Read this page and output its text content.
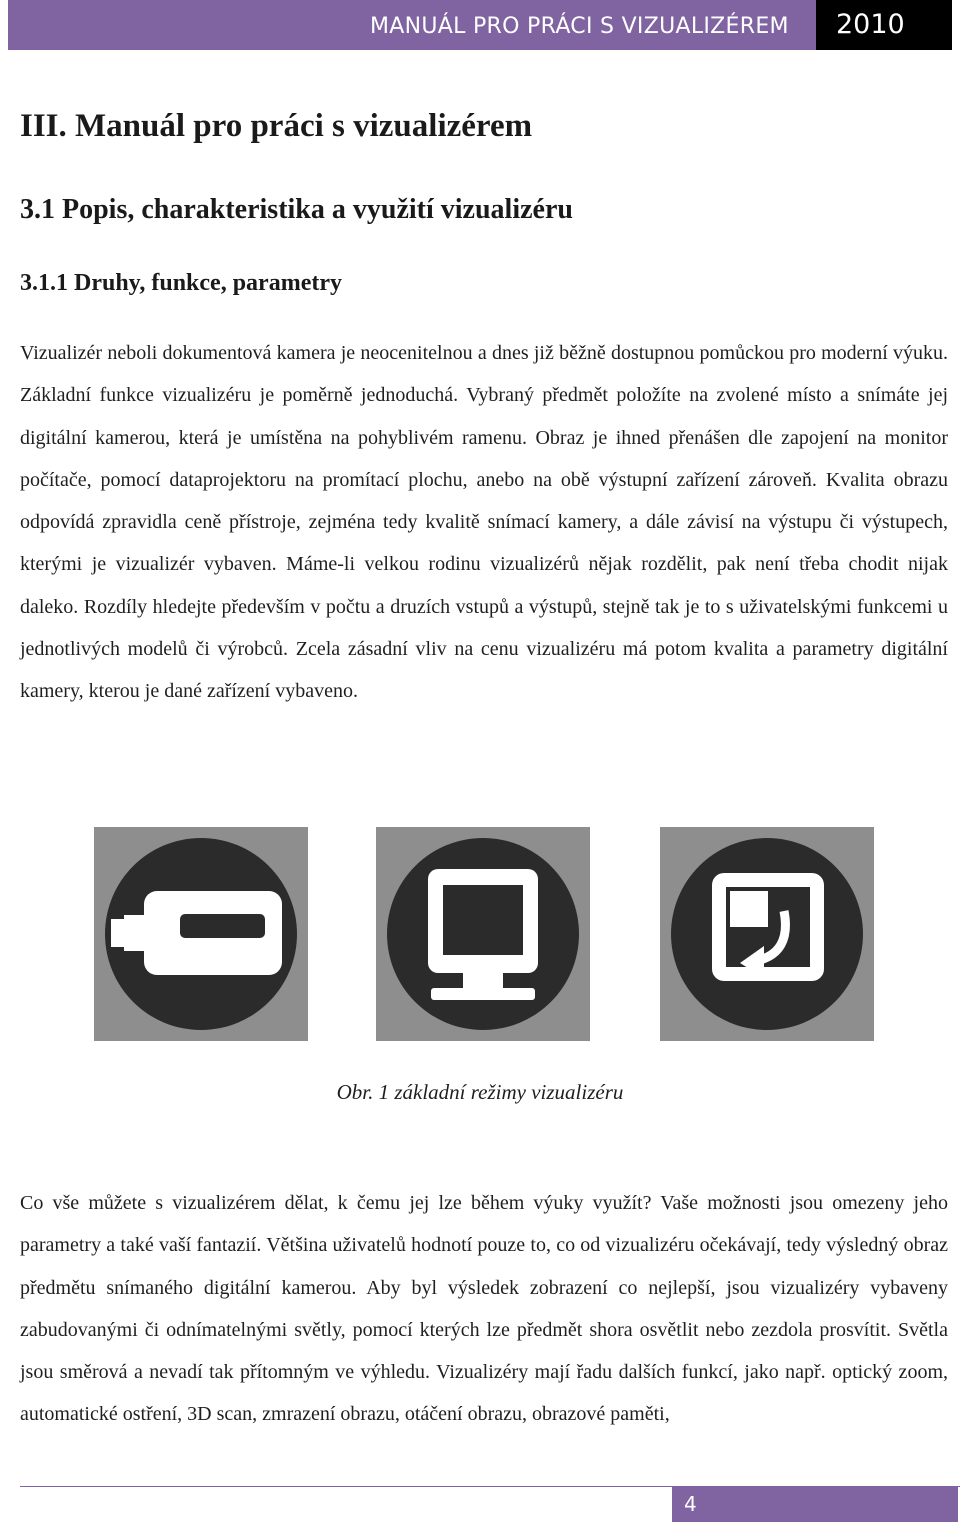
MANUÁL PRO PRÁCI S VIZUALIZÉREM	2010
III. Manuál pro práci s vizualizérem
3.1 Popis, charakteristika a využití vizualizéru
3.1.1 Druhy, funkce, parametry

Vizualizér neboli dokumentová kamera je neocenitelnou a dnes již běžně dostupnou pomůckou pro moderní výuku. Základní funkce vizualizéru je poměrně jednoduchá. Vybraný předmět položíte na zvolené místo a snímáte jej digitální kamerou, která je umístěna na pohyblivém ramenu. Obraz je ihned přenášen dle zapojení na monitor počítače, pomocí dataprojektoru na promítací plochu, anebo na obě výstupní zařízení zároveň. Kvalita obrazu odpovídá zpravidla ceně přístroje, zejména tedy kvalitě snímací kamery, a dále závisí na výstupu či výstupech, kterými je vizualizér vybaven. Máme-li velkou rodinu vizualizérů nějak rozdělit, pak není třeba chodit nijak daleko. Rozdíly hledejte především v počtu a druzích vstupů a výstupů, stejně tak je to s uživatelskými funkcemi u jednotlivých modelů či výrobců. Zcela zásadní vliv na cenu vizualizéru má potom kvalita a parametry digitální kamery, kterou je dané zařízení vybaveno.

Obr. 1 základní režimy vizualizéru

Co vše můžete s vizualizérem dělat, k čemu jej lze během výuky využít? Vaše možnosti jsou omezeny jeho parametry a také vaší fantazií. Většina uživatelů hodnotí pouze to, co od vizualizéru očekávají, tedy výsledný obraz předmětu snímaného digitální kamerou. Aby byl výsledek zobrazení co nejlepší, jsou vizualizéry vybaveny zabudovanými či odnímatelnými světly, pomocí kterých lze předmět shora osvětlit nebo zezdola prosvítit. Světla jsou směrová a nevadí tak přítomným ve výhledu. Vizualizéry mají řadu dalších funkcí, jako např. optický zoom, automatické ostření, 3D scan, zmrazení obrazu, otáčení obrazu, obrazové paměti,

4
